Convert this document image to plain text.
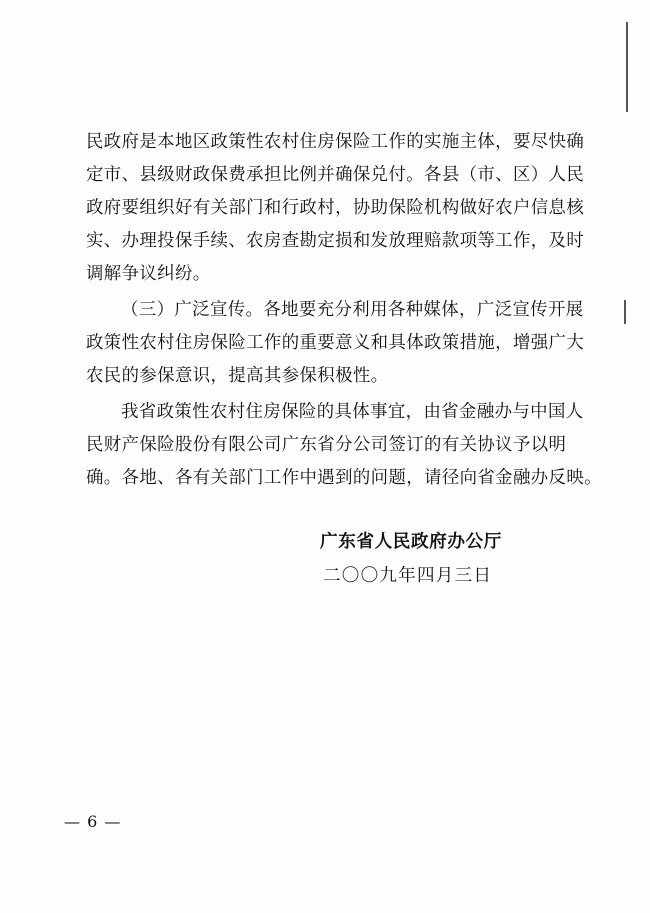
民政府是本地区政策性农村住房保险工作的实施主体，要尽快确
定市、县级财政保费承担比例并确保兑付。各县（市、区）人民
政府要组织好有关部门和行政村，协助保险机构做好农户信息核
实、办理投保手续、农房查勘定损和发放理赔款项等工作，及时
调解争议纠纷。
（三）广泛宣传。各地要充分利用各种媒体，广泛宣传开展
政策性农村住房保险工作的重要意义和具体政策措施，增强广大
农民的参保意识，提高其参保积极性。
我省政策性农村住房保险的具体事宜，由省金融办与中国人
民财产保险股份有限公司广东省分公司签订的有关协议予以明
确。各地、各有关部门工作中遇到的问题，请径向省金融办反映。
广东省人民政府办公厅
二〇〇九年四月三日
— 6 —
